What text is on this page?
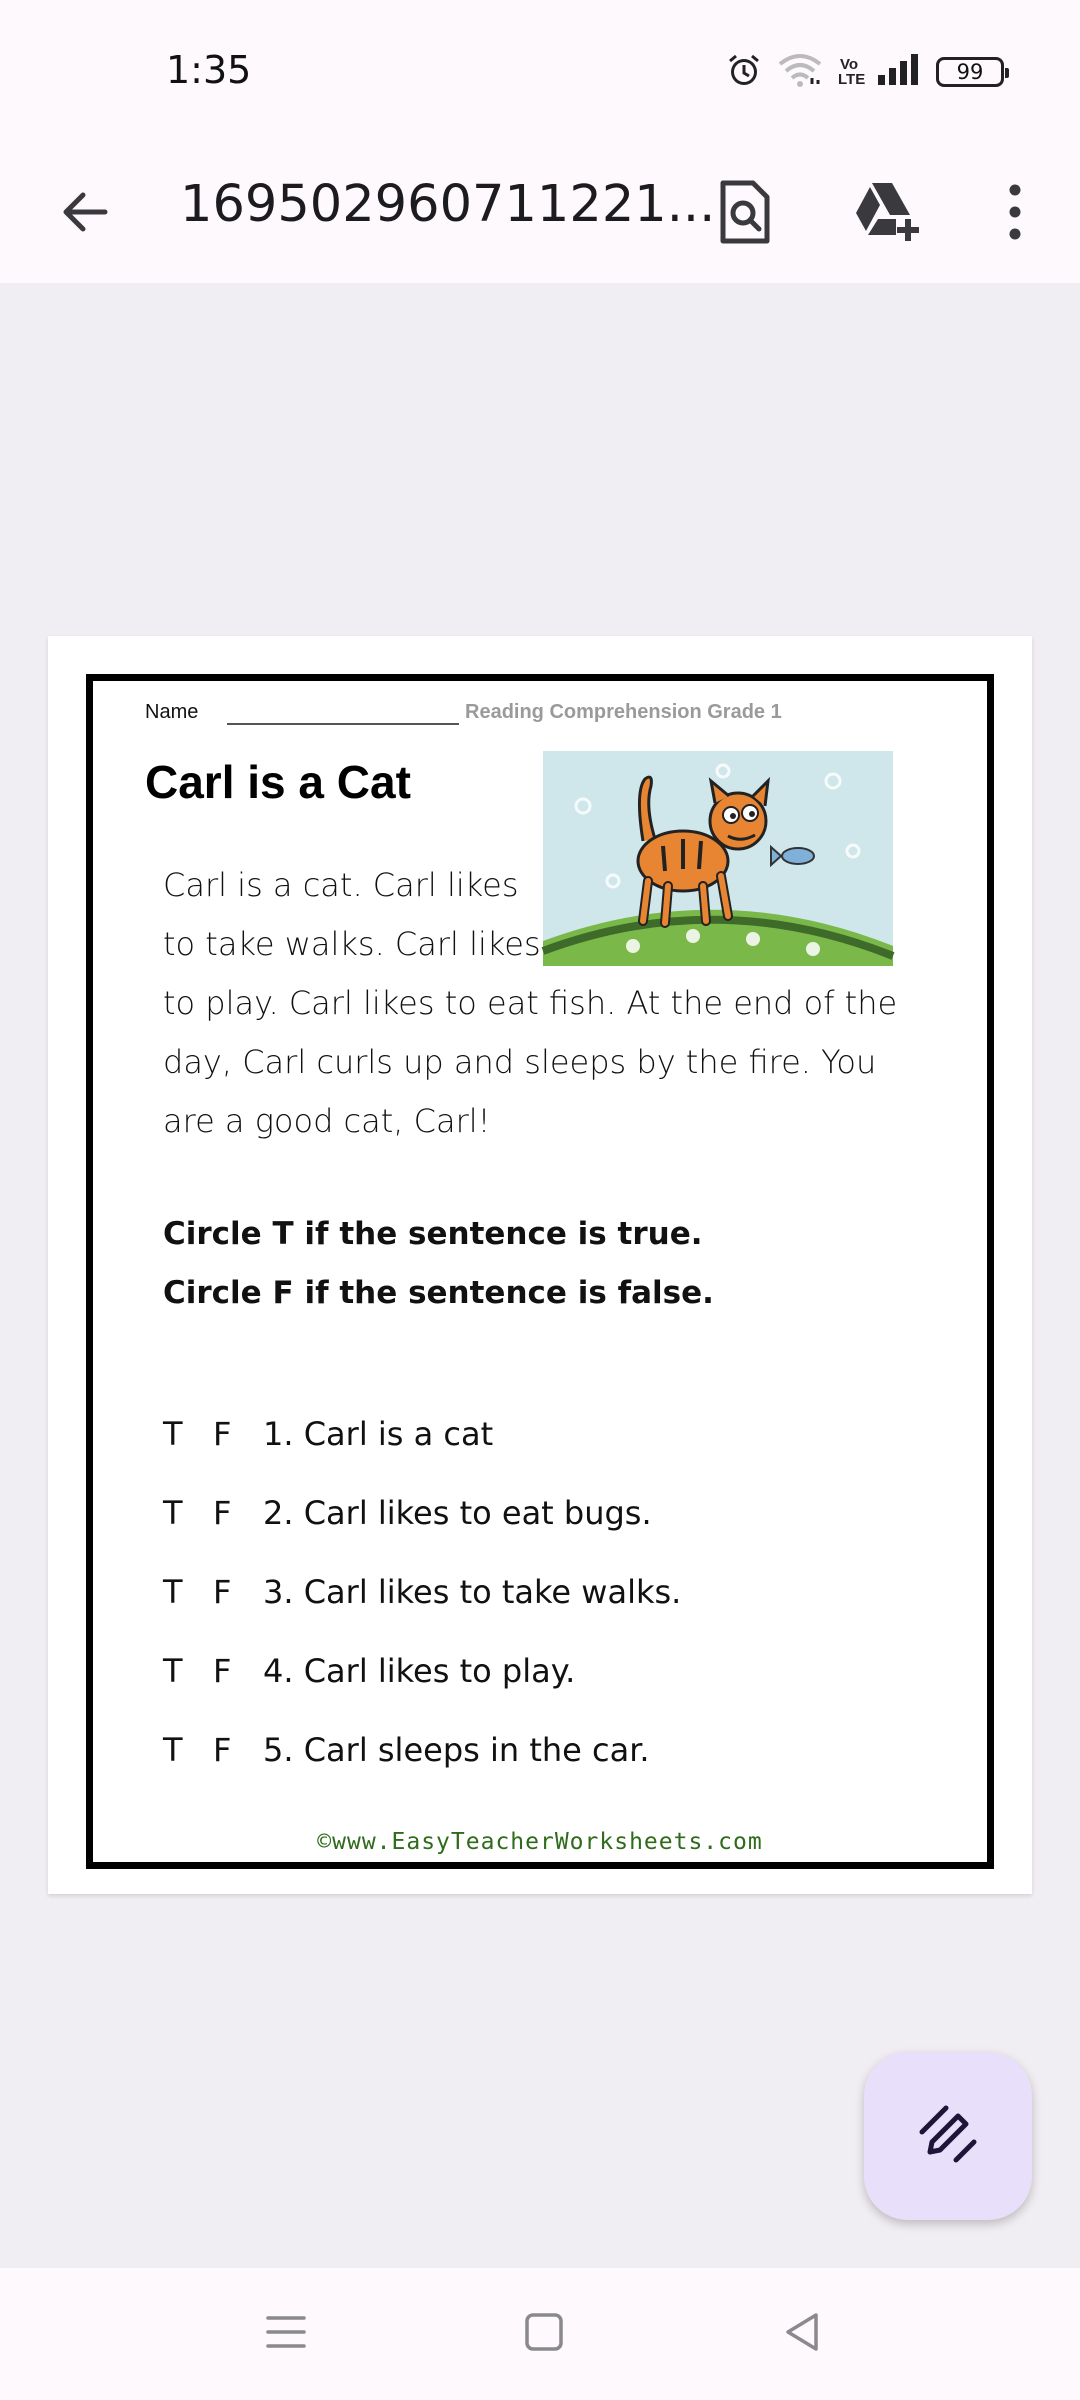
1:35	Vo
LTE	99
169502960711221...
Name	Reading Comprehension Grade 1
Carl is a Cat
Carl is a cat. Carl likes
to take walks. Carl likes
to play. Carl likes to eat fish. At the end of the day, Carl curls up and sleeps by the fire. You are a good cat, Carl!
Circle T if the sentence is true.
Circle F if the sentence is false.
T F 1. Carl is a cat
T F 2. Carl likes to eat bugs.
T F 3. Carl likes to take walks.
T F 4. Carl likes to play.
T F 5. Carl sleeps in the car.
©www.EasyTeacherWorksheets.com
